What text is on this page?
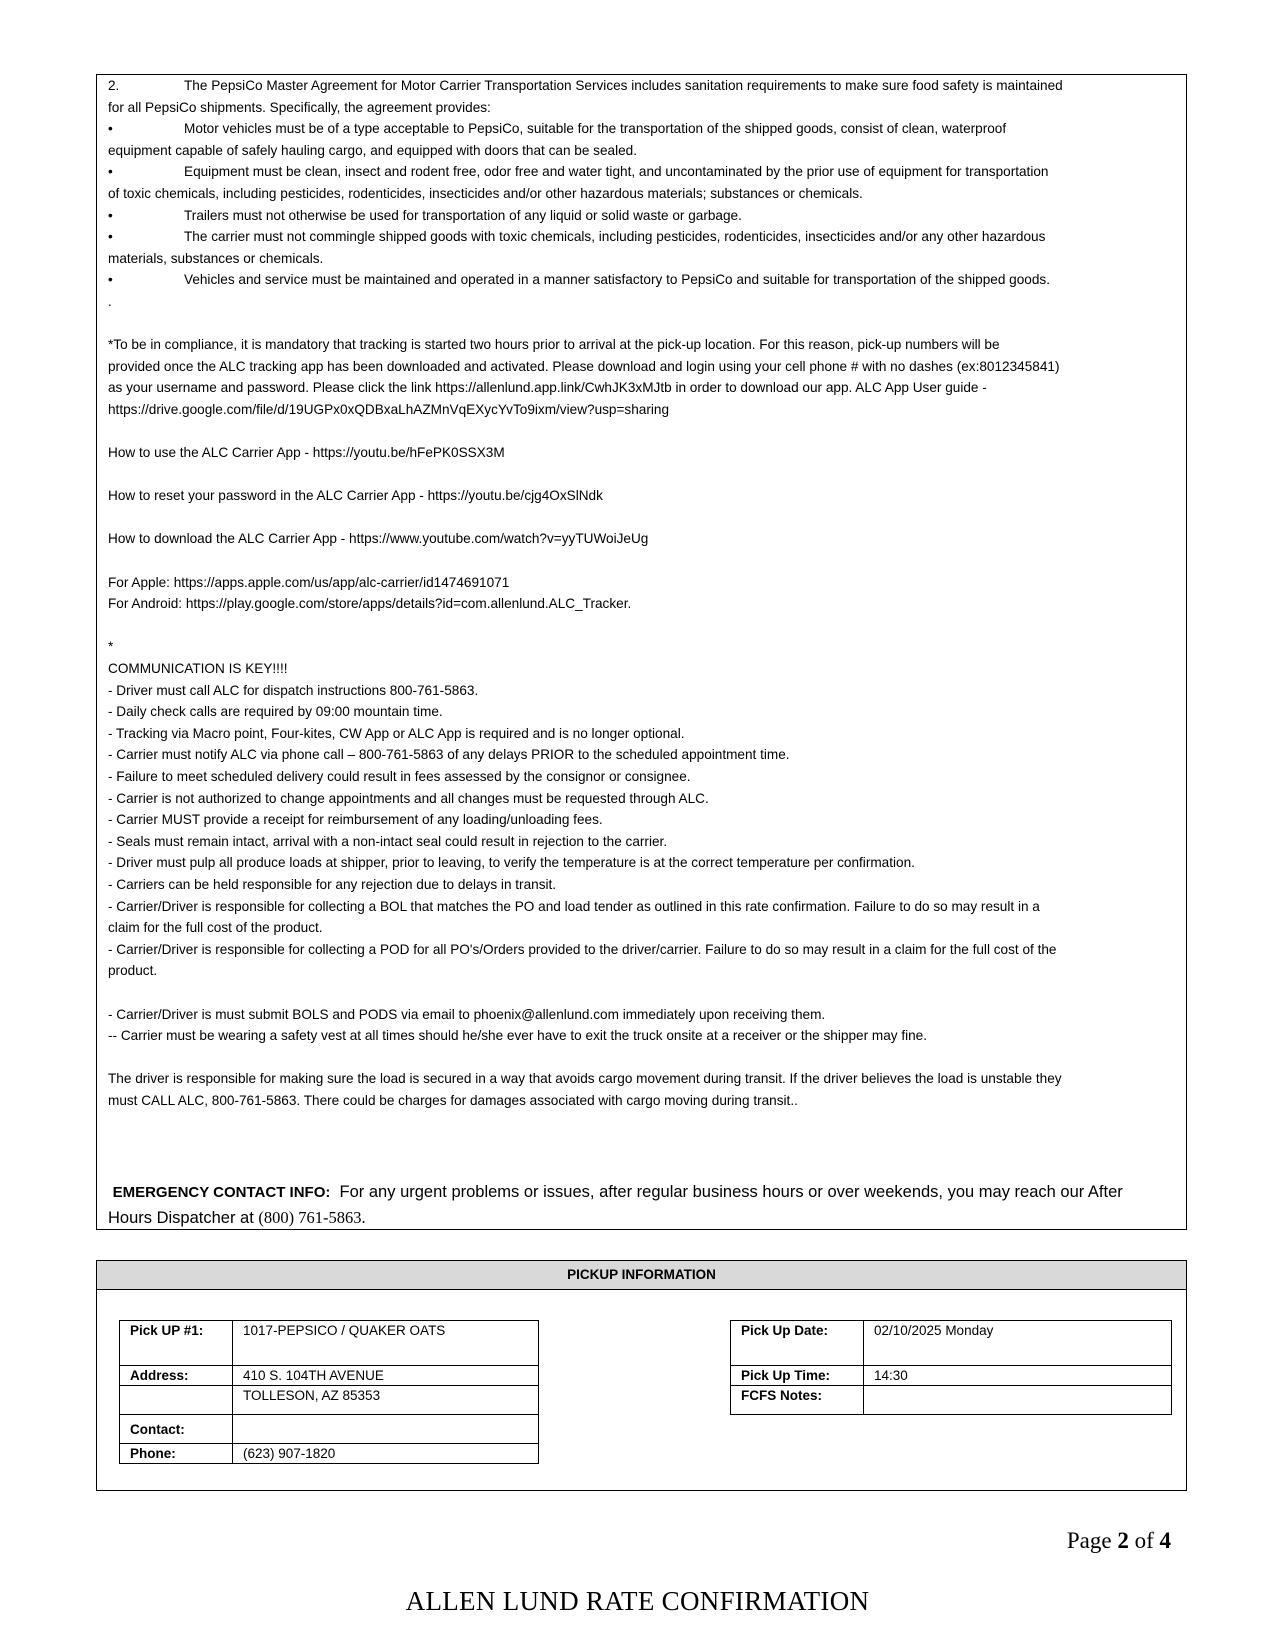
2.	The PepsiCo Master Agreement for Motor Carrier Transportation Services includes sanitation requirements to make sure food safety is maintained
for all PepsiCo shipments. Specifically, the agreement provides:
•	Motor vehicles must be of a type acceptable to PepsiCo, suitable for the transportation of the shipped goods, consist of clean, waterproof
equipment capable of safely hauling cargo, and equipped with doors that can be sealed.
•	Equipment must be clean, insect and rodent free, odor free and water tight, and uncontaminated by the prior use of equipment for transportation
of toxic chemicals, including pesticides, rodenticides, insecticides and/or other hazardous materials; substances or chemicals.
•	Trailers must not otherwise be used for transportation of any liquid or solid waste or garbage.
•	The carrier must not commingle shipped goods with toxic chemicals, including pesticides, rodenticides, insecticides and/or any other hazardous
materials, substances or chemicals.
•	Vehicles and service must be maintained and operated in a manner satisfactory to PepsiCo and suitable for transportation of the shipped goods.
.
*To be in compliance, it is mandatory that tracking is started two hours prior to arrival at the pick-up location. For this reason, pick-up numbers will be
provided once the ALC tracking app has been downloaded and activated. Please download and login using your cell phone # with no dashes (ex:8012345841)
as your username and password. Please click the link https://allenlund.app.link/CwhJK3xMJtb in order to download our app. ALC App User guide -
https://drive.google.com/file/d/19UGPx0xQDBxaLhAZMnVqEXycYvTo9ixm/view?usp=sharing
How to use the ALC Carrier App - https://youtu.be/hFePK0SSX3M
How to reset your password in the ALC Carrier App - https://youtu.be/cjg4OxSlNdk
How to download the ALC Carrier App - https://www.youtube.com/watch?v=yyTUWoiJeUg
For Apple: https://apps.apple.com/us/app/alc-carrier/id1474691071
For Android: https://play.google.com/store/apps/details?id=com.allenlund.ALC_Tracker.
*
COMMUNICATION IS KEY!!!!
- Driver must call ALC for dispatch instructions 800-761-5863.
- Daily check calls are required by 09:00 mountain time.
- Tracking via Macro point, Four-kites, CW App or ALC App is required and is no longer optional.
- Carrier must notify ALC via phone call – 800-761-5863 of any delays PRIOR to the scheduled appointment time.
- Failure to meet scheduled delivery could result in fees assessed by the consignor or consignee.
- Carrier is not authorized to change appointments and all changes must be requested through ALC.
- Carrier MUST provide a receipt for reimbursement of any loading/unloading fees.
- Seals must remain intact, arrival with a non-intact seal could result in rejection to the carrier.
- Driver must pulp all produce loads at shipper, prior to leaving, to verify the temperature is at the correct temperature per confirmation.
- Carriers can be held responsible for any rejection due to delays in transit.
- Carrier/Driver is responsible for collecting a BOL that matches the PO and load tender as outlined in this rate confirmation. Failure to do so may result in a
claim for the full cost of the product.
- Carrier/Driver is responsible for collecting a POD for all PO's/Orders provided to the driver/carrier. Failure to do so may result in a claim for the full cost of the
product.
- Carrier/Driver is must submit BOLS and PODS via email to phoenix@allenlund.com immediately upon receiving them.
-- Carrier must be wearing a safety vest at all times should he/she ever have to exit the truck onsite at a receiver or the shipper may fine.
The driver is responsible for making sure the load is secured in a way that avoids cargo movement during transit. If the driver believes the load is unstable they
must CALL ALC, 800-761-5863. There could be charges for damages associated with cargo moving during transit..
EMERGENCY CONTACT INFO: For any urgent problems or issues, after regular business hours or over weekends, you may reach our After
Hours Dispatcher at (800) 761-5863.
PICKUP INFORMATION
Pick UP #1:	1017-PEPSICO / QUAKER OATS
Address:	410 S. 104TH AVENUE
	TOLLESON, AZ 85353
Contact:	
Phone:	(623) 907-1820
Pick Up Date:	02/10/2025 Monday
Pick Up Time:	14:30
FCFS Notes:	
Page 2 of 4
ALLEN LUND RATE CONFIRMATION
